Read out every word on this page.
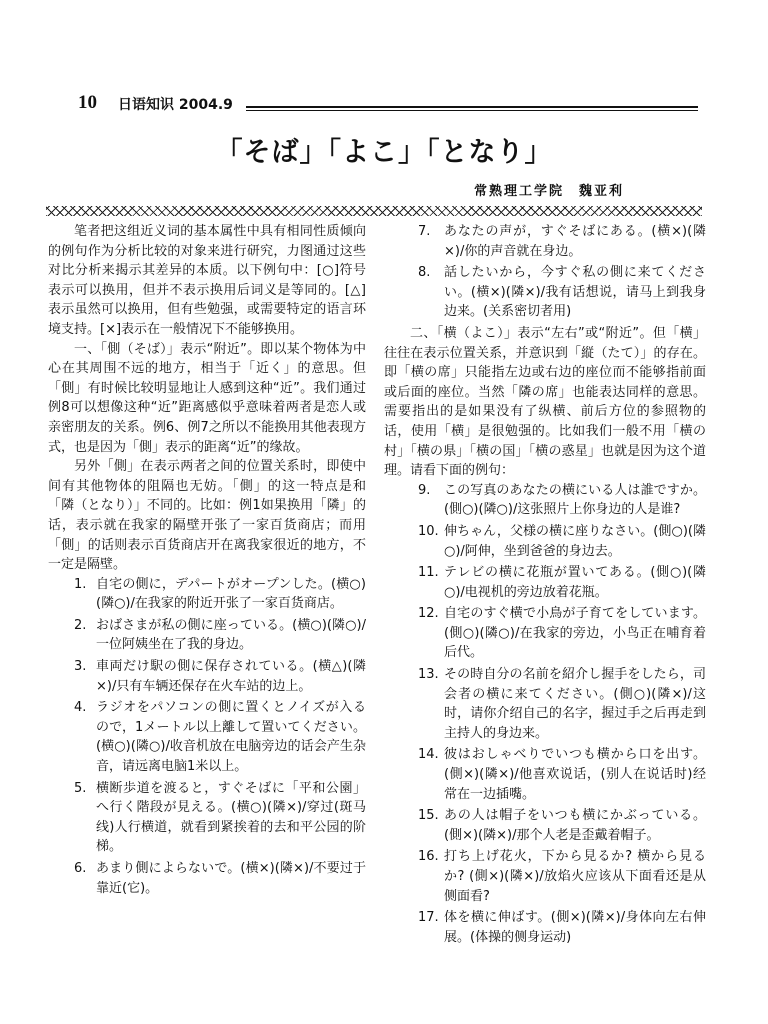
10 日语知识 2004.9
「そば」「よこ」「となり」
常熟理工学院　魏亚利

笔者把这组近义词的基本属性中具有相同性质倾向的例句作为分析比较的对象来进行研究，力图通过这些对比分析来揭示其差异的本质。以下例句中：[○]符号表示可以换用，但并不表示换用后词义是等同的。[△]表示虽然可以换用，但有些勉强，或需要特定的语言环境支持。[×]表示在一般情况下不能够换用。

一、「側（そば）」表示“附近”。即以某个物体为中心在其周围不远的地方，相当于「近く」的意思。但「側」有时候比较明显地让人感到这种“近”。我们通过例8可以想像这种“近”距离感似乎意味着两者是恋人或亲密朋友的关系。例6、例7之所以不能换用其他表现方式，也是因为「側」表示的距离“近”的缘故。

另外「側」在表示两者之间的位置关系时，即使中间有其他物体的阻隔也无妨。「側」的这一特点是和「隣（となり）」不同的。比如：例1如果换用「隣」的话，表示就在我家的隔壁开张了一家百货商店；而用「側」的话则表示百货商店开在离我家很近的地方，不一定是隔壁。

1. 自宅の側に，デパートがオープンした。(横○)(隣○)/在我家的附近开张了一家百货商店。
2. おばさまが私の側に座っている。(横○)(隣○)/一位阿姨坐在了我的身边。
3. 車両だけ駅の側に保存されている。(横△)(隣×)/只有车辆还保存在火车站的边上。
4. ラジオをパソコンの側に置くとノイズが入るので，1メートル以上離して置いてください。(横○)(隣○)/收音机放在电脑旁边的话会产生杂音，请远离电脑1米以上。
5. 横断歩道を渡ると，すぐそばに「平和公園」へ行く階段が見える。(横○)(隣×)/穿过(斑马线)人行横道，就看到紧挨着的去和平公园的阶梯。
6. あまり側によらないで。(横×)(隣×)/不要过于靠近(它)。
7.	あなたの声が，すぐそばにある。(横×)(隣×)/你的声音就在身边。
8.	話したいから，今すぐ私の側に来てください。(横×)(隣×)/我有话想说，请马上到我身边来。(关系密切者用)

二、「横（よこ）」表示“左右”或“附近”。但「横」往往在表示位置关系，并意识到「縦（たて）」的存在。即「横の席」只能指左边或右边的座位而不能够指前面或后面的座位。当然「隣の席」也能表达同样的意思。需要指出的是如果没有了纵横、前后方位的参照物的话，使用「横」是很勉强的。比如我们一般不用「横の村」「横の県」「横の国」「横の惑星」也就是因为这个道理。请看下面的例句：

9.	この写真のあなたの横にいる人は誰ですか。(側○)(隣○)/这张照片上你身边的人是谁?
10. 伸ちゃん，父様の横に座りなさい。(側○)(隣○)/阿伸，坐到爸爸的身边去。
11. テレビの横に花瓶が置いてある。(側○)(隣○)/电视机的旁边放着花瓶。
12. 自宅のすぐ横で小鳥が子育てをしています。(側○)(隣○)/在我家的旁边，小鸟正在哺育着后代。
13. その時自分の名前を紹介し握手をしたら，司会者の横に来てください。(側○)(隣×)/这时，请你介绍自己的名字，握过手之后再走到主持人的身边来。
14. 彼はおしゃべりでいつも横から口を出す。(側×)(隣×)/他喜欢说话，(别人在说话时)经常在一边插嘴。
15. あの人は帽子をいつも横にかぶっている。(側×)(隣×)/那个人老是歪戴着帽子。
16. 打ち上げ花火，下から見るか? 横から見るか? (側×)(隣×)/放焰火应该从下面看还是从侧面看?
17. 体を横に伸ばす。(側×)(隣×)/身体向左右伸展。(体操的侧身运动)
